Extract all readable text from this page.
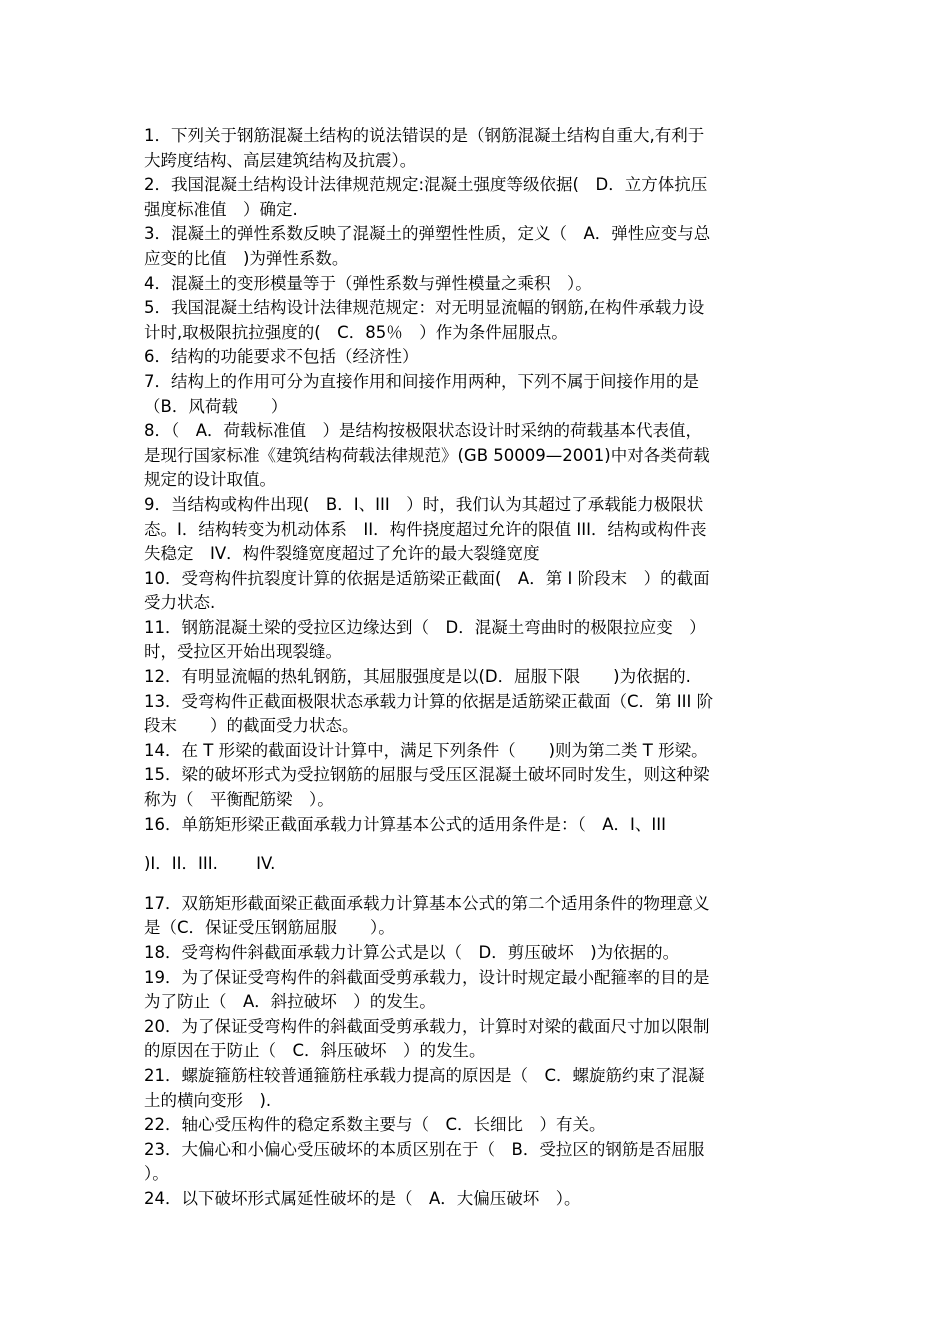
1．下列关于钢筋混凝土结构的说法错误的是（钢筋混凝土结构自重大,有利于
大跨度结构、高层建筑结构及抗震）。
2．我国混凝土结构设计法律规范规定:混凝土强度等级依据(　D．立方体抗压
强度标准值　）确定.
3．混凝土的弹性系数反映了混凝土的弹塑性性质，定义（　A．弹性应变与总
应变的比值　)为弹性系数。
4．混凝土的变形模量等于（弹性系数与弹性模量之乘积　）。
5．我国混凝土结构设计法律规范规定：对无明显流幅的钢筋,在构件承载力设
计时,取极限抗拉强度的(　C．85％　）作为条件屈服点。
6．结构的功能要求不包括（经济性）
7．结构上的作用可分为直接作用和间接作用两种，下列不属于间接作用的是
（B．风荷载　　）
8．（　A．荷载标准值　）是结构按极限状态设计时采纳的荷载基本代表值，
是现行国家标准《建筑结构荷载法律规范》(GB 50009—2001)中对各类荷载
规定的设计取值。
9．当结构或构件出现(　B．I、III　）时，我们认为其超过了承载能力极限状
态。I．结构转变为机动体系　II．构件挠度超过允许的限值 III．结构或构件丧
失稳定　IV．构件裂缝宽度超过了允许的最大裂缝宽度
10．受弯构件抗裂度计算的依据是适筋梁正截面(　A．第 I 阶段末　）的截面
受力状态.
11．钢筋混凝土梁的受拉区边缘达到（　D．混凝土弯曲时的极限拉应变　）
时，受拉区开始出现裂缝。
12．有明显流幅的热轧钢筋，其屈服强度是以(D．屈服下限　　)为依据的.
13．受弯构件正截面极限状态承载力计算的依据是适筋梁正截面（C．第 III 阶
段末　　）的截面受力状态。
14．在 T 形梁的截面设计计算中，满足下列条件（　　)则为第二类 T 形梁。
15．梁的破坏形式为受拉钢筋的屈服与受压区混凝土破坏同时发生，则这种梁
称为（　平衡配筋梁　）。
16．单筋矩形梁正截面承载力计算基本公式的适用条件是：（　A．I、III
)I．II．III.　　 IV.
17．双筋矩形截面梁正截面承载力计算基本公式的第二个适用条件的物理意义
是（C．保证受压钢筋屈服　　）。
18．受弯构件斜截面承载力计算公式是以（　D．剪压破坏　)为依据的。
19．为了保证受弯构件的斜截面受剪承载力，设计时规定最小配箍率的目的是
为了防止（　A．斜拉破坏　）的发生。
20．为了保证受弯构件的斜截面受剪承载力，计算时对梁的截面尺寸加以限制
的原因在于防止（　C．斜压破坏　）的发生。
21．螺旋箍筋柱较普通箍筋柱承载力提高的原因是（　C．螺旋筋约束了混凝
土的横向变形　).
22．轴心受压构件的稳定系数主要与（　C．长细比　）有关。
23．大偏心和小偏心受压破坏的本质区别在于（　B．受拉区的钢筋是否屈服
）。
24．以下破坏形式属延性破坏的是（　A．大偏压破坏　）。
